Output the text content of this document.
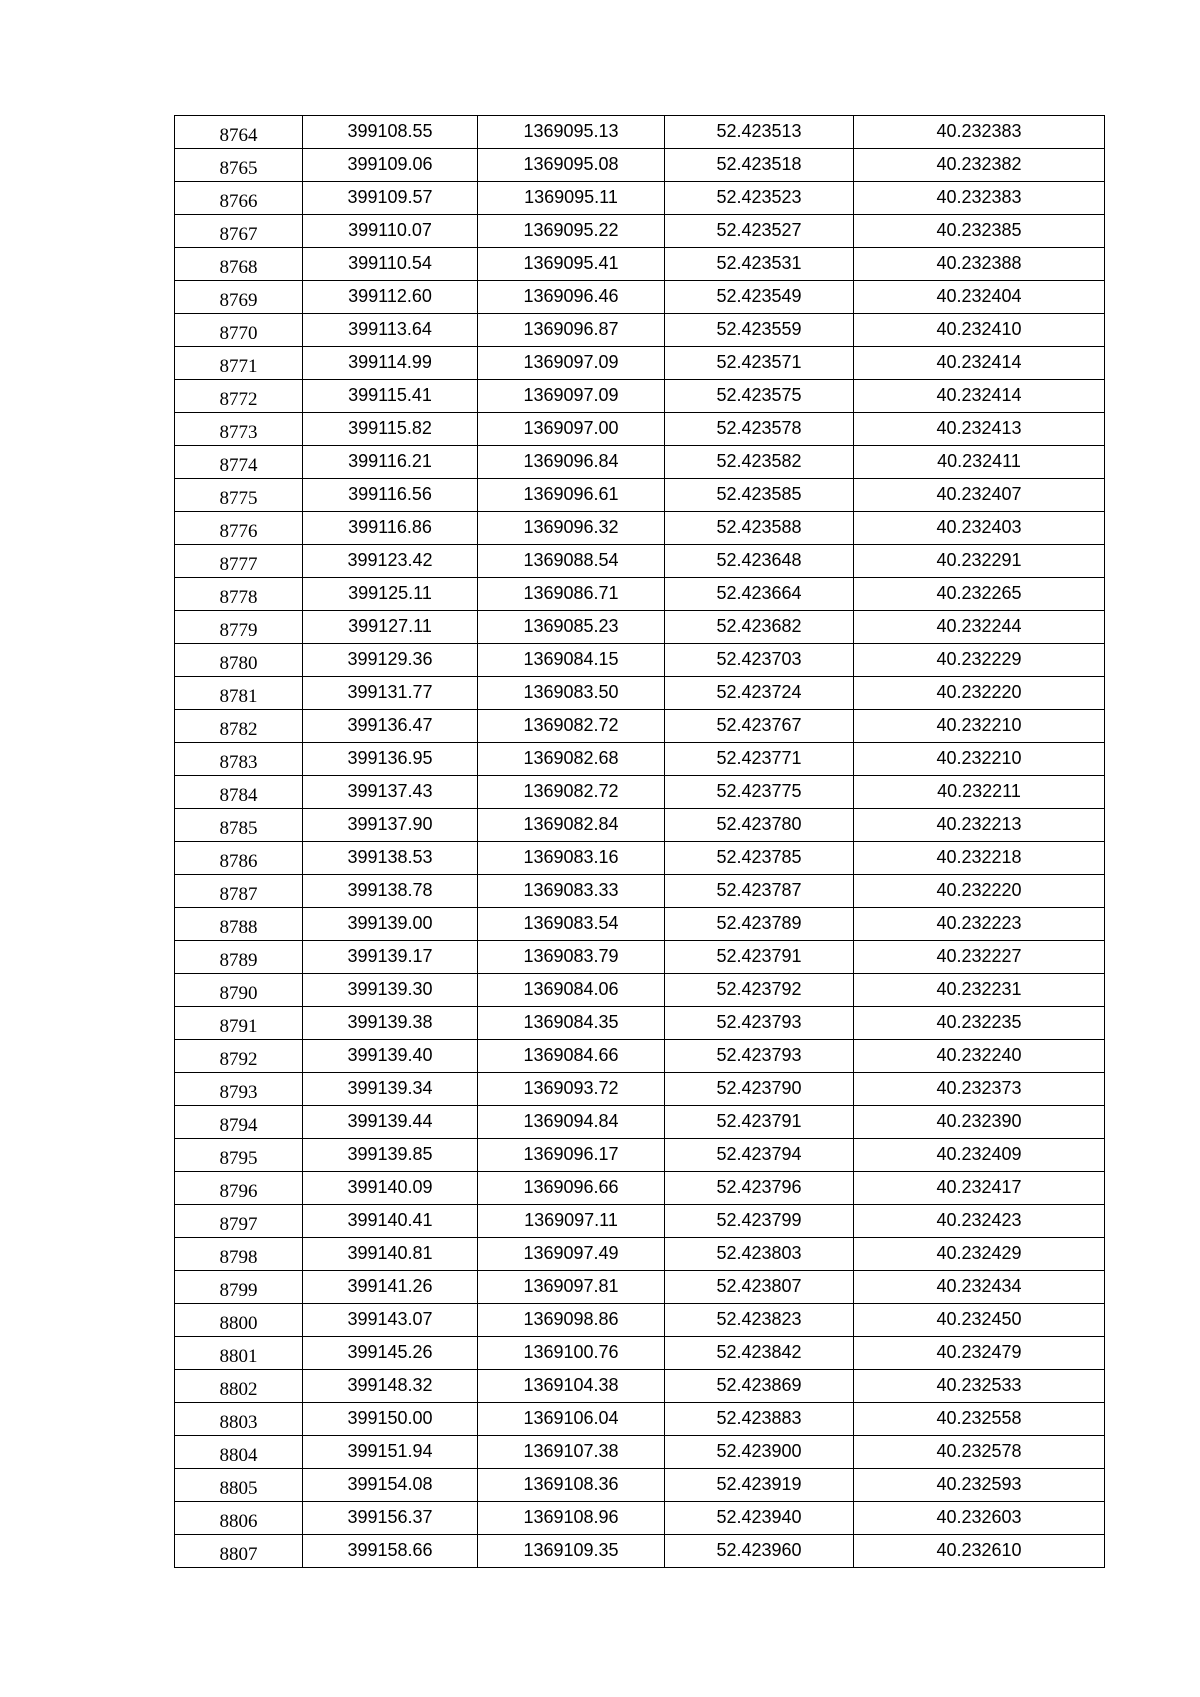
8764	399108.55	1369095.13	52.423513	40.232383
8765	399109.06	1369095.08	52.423518	40.232382
8766	399109.57	1369095.11	52.423523	40.232383
8767	399110.07	1369095.22	52.423527	40.232385
8768	399110.54	1369095.41	52.423531	40.232388
8769	399112.60	1369096.46	52.423549	40.232404
8770	399113.64	1369096.87	52.423559	40.232410
8771	399114.99	1369097.09	52.423571	40.232414
8772	399115.41	1369097.09	52.423575	40.232414
8773	399115.82	1369097.00	52.423578	40.232413
8774	399116.21	1369096.84	52.423582	40.232411
8775	399116.56	1369096.61	52.423585	40.232407
8776	399116.86	1369096.32	52.423588	40.232403
8777	399123.42	1369088.54	52.423648	40.232291
8778	399125.11	1369086.71	52.423664	40.232265
8779	399127.11	1369085.23	52.423682	40.232244
8780	399129.36	1369084.15	52.423703	40.232229
8781	399131.77	1369083.50	52.423724	40.232220
8782	399136.47	1369082.72	52.423767	40.232210
8783	399136.95	1369082.68	52.423771	40.232210
8784	399137.43	1369082.72	52.423775	40.232211
8785	399137.90	1369082.84	52.423780	40.232213
8786	399138.53	1369083.16	52.423785	40.232218
8787	399138.78	1369083.33	52.423787	40.232220
8788	399139.00	1369083.54	52.423789	40.232223
8789	399139.17	1369083.79	52.423791	40.232227
8790	399139.30	1369084.06	52.423792	40.232231
8791	399139.38	1369084.35	52.423793	40.232235
8792	399139.40	1369084.66	52.423793	40.232240
8793	399139.34	1369093.72	52.423790	40.232373
8794	399139.44	1369094.84	52.423791	40.232390
8795	399139.85	1369096.17	52.423794	40.232409
8796	399140.09	1369096.66	52.423796	40.232417
8797	399140.41	1369097.11	52.423799	40.232423
8798	399140.81	1369097.49	52.423803	40.232429
8799	399141.26	1369097.81	52.423807	40.232434
8800	399143.07	1369098.86	52.423823	40.232450
8801	399145.26	1369100.76	52.423842	40.232479
8802	399148.32	1369104.38	52.423869	40.232533
8803	399150.00	1369106.04	52.423883	40.232558
8804	399151.94	1369107.38	52.423900	40.232578
8805	399154.08	1369108.36	52.423919	40.232593
8806	399156.37	1369108.96	52.423940	40.232603
8807	399158.66	1369109.35	52.423960	40.232610
